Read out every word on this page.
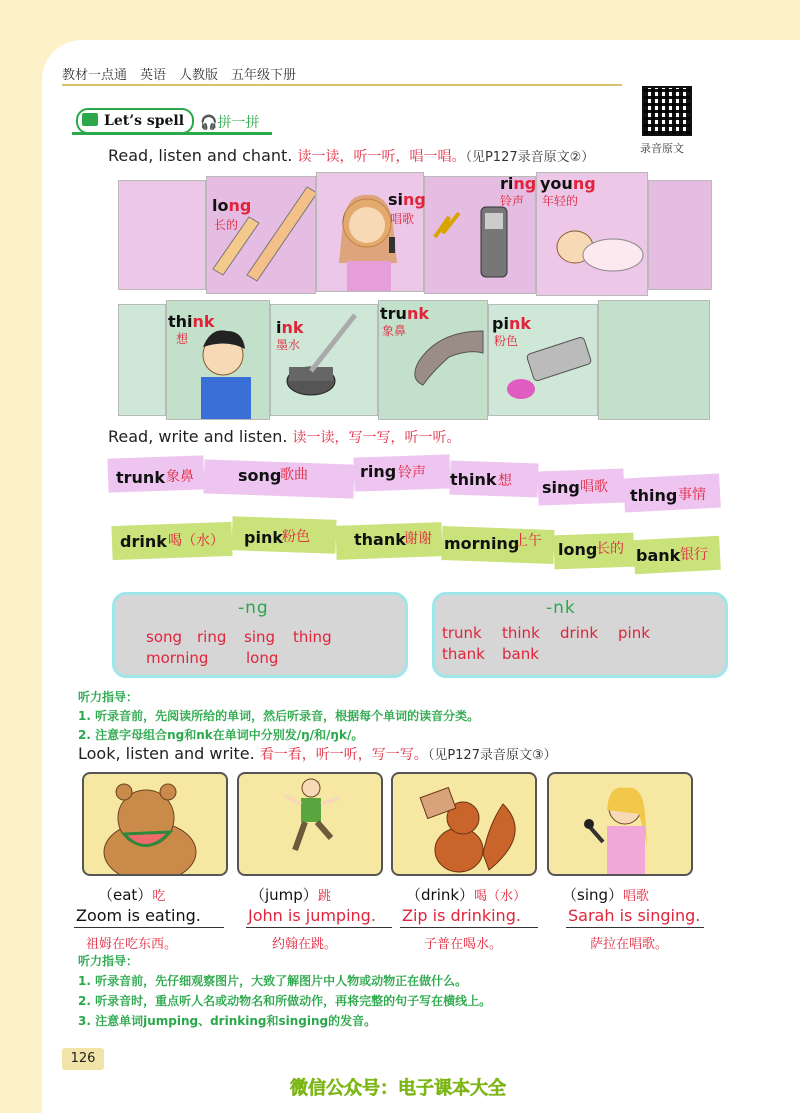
教材一点通　英语　人教版　五年级下册
录音原文
Let’s spell	🎧拼一拼
Read, listen and chant. 读一读，听一听，唱一唱。（见P127录音原文②）
long
长的
sing
唱歌
ring
铃声
young
年轻的
think
想
ink
墨水
trunk
象鼻	pink
粉色
Read, write and listen. 读一读，写一写，听一听。
trunk 象鼻	song
歌曲	ring 铃声 think 想 sing 唱歌 thing 事情
drink 喝（水） pink 粉色	thank
谢谢 morning
上午 long
长的 bank 银行
-ng
song ring sing thing
morning	long
-nk
trunk think drink pink
thank bank
听力指导：
1. 听录音前，先阅读所给的单词，然后听录音，根据每个单词的读音分类。
2. 注意字母组合ng和nk在单词中分别发/ŋ/和/ŋk/。
Look, listen and write. 看一看，听一听，写一写。（见P127录音原文③）
（eat）吃	（jump）跳	（drink）喝（水） （sing）唱歌
Zoom is eating.	John is jumping.	Zip is drinking.	Sarah is singing.
祖姆在吃东西。	约翰在跳。	子普在喝水。	萨拉在唱歌。
听力指导：
1. 听录音前，先仔细观察图片，大致了解图片中人物或动物正在做什么。
2. 听录音时，重点听人名或动物名和所做动作，再将完整的句子写在横线上。
3. 注意单词jumping、drinking和singing的发音。
126
微信公众号：电子课本大全
